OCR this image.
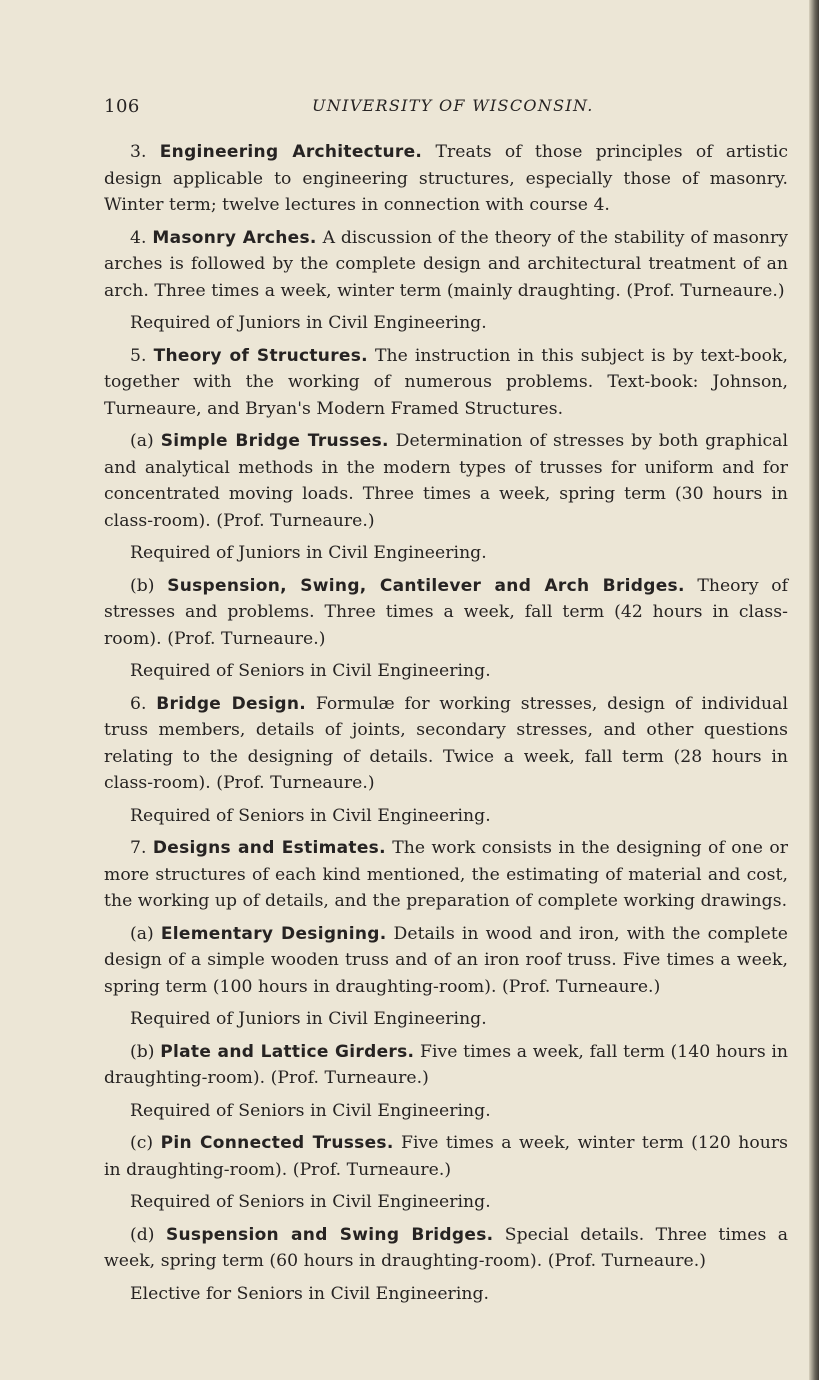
106	UNIVERSITY OF WISCONSIN.

3. Engineering Architecture. Treats of those principles of artistic design applicable to engineering structures, especially those of masonry. Winter term; twelve lectures in connection with course 4.

4. Masonry Arches. A discussion of the theory of the stability of masonry arches is followed by the complete design and architectural treatment of an arch. Three times a week, winter term (mainly draughting. (Prof. Turneaure.)

Required of Juniors in Civil Engineering.

5. Theory of Structures. The instruction in this subject is by text-book, together with the working of numerous problems. Text-book: Johnson, Turneaure, and Bryan's Modern Framed Structures.

(a) Simple Bridge Trusses. Determination of stresses by both graphical and analytical methods in the modern types of trusses for uniform and for concentrated moving loads. Three times a week, spring term (30 hours in class-room). (Prof. Turneaure.)

Required of Juniors in Civil Engineering.

(b) Suspension, Swing, Cantilever and Arch Bridges. Theory of stresses and problems. Three times a week, fall term (42 hours in class-room). (Prof. Turneaure.)

Required of Seniors in Civil Engineering.

6. Bridge Design. Formulæ for working stresses, design of individual truss members, details of joints, secondary stresses, and other questions relating to the designing of details. Twice a week, fall term (28 hours in class-room). (Prof. Turneaure.)

Required of Seniors in Civil Engineering.

7. Designs and Estimates. The work consists in the designing of one or more structures of each kind mentioned, the estimating of material and cost, the working up of details, and the preparation of complete working drawings.

(a) Elementary Designing. Details in wood and iron, with the complete design of a simple wooden truss and of an iron roof truss. Five times a week, spring term (100 hours in draughting-room). (Prof. Turneaure.)

Required of Juniors in Civil Engineering.

(b) Plate and Lattice Girders. Five times a week, fall term (140 hours in draughting-room). (Prof. Turneaure.)

Required of Seniors in Civil Engineering.

(c) Pin Connected Trusses. Five times a week, winter term (120 hours in draughting-room). (Prof. Turneaure.)

Required of Seniors in Civil Engineering.

(d) Suspension and Swing Bridges. Special details. Three times a week, spring term (60 hours in draughting-room). (Prof. Turneaure.)

Elective for Seniors in Civil Engineering.
